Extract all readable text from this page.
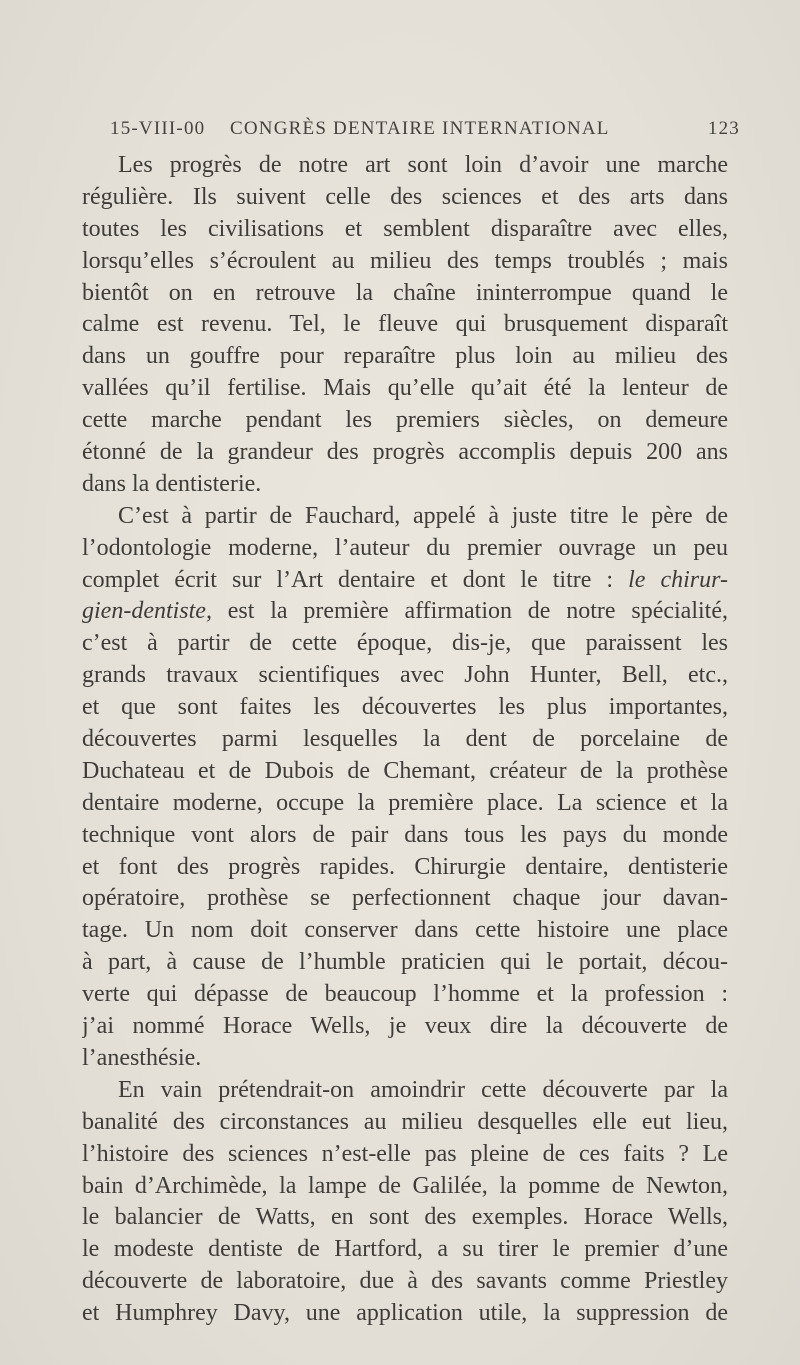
15-VIII-00 CONGRÈS DENTAIRE INTERNATIONAL	123
Les progrès de notre art sont loin d’avoir une marche
régulière. Ils suivent celle des sciences et des arts dans
toutes les civilisations et semblent disparaître avec elles,
lorsqu’elles s’écroulent au milieu des temps troublés ; mais
bientôt on en retrouve la chaîne ininterrompue quand le
calme est revenu. Tel, le fleuve qui brusquement disparaît
dans un gouffre pour reparaître plus loin au milieu des
vallées qu’il fertilise. Mais qu’elle qu’ait été la lenteur de
cette marche pendant les premiers siècles, on demeure
étonné de la grandeur des progrès accomplis depuis 200 ans
dans la dentisterie.
C’est à partir de Fauchard, appelé à juste titre le père de
l’odontologie moderne, l’auteur du premier ouvrage un peu
complet écrit sur l’Art dentaire et dont le titre : le chirur-
gien-dentiste, est la première affirmation de notre spécialité,
c’est à partir de cette époque, dis-je, que paraissent les
grands travaux scientifiques avec John Hunter, Bell, etc.,
et que sont faites les découvertes les plus importantes,
découvertes parmi lesquelles la dent de porcelaine de
Duchateau et de Dubois de Chemant, créateur de la prothèse
dentaire moderne, occupe la première place. La science et la
technique vont alors de pair dans tous les pays du monde
et font des progrès rapides. Chirurgie dentaire, dentisterie
opératoire, prothèse se perfectionnent chaque jour davan-
tage. Un nom doit conserver dans cette histoire une place
à part, à cause de l’humble praticien qui le portait, décou-
verte qui dépasse de beaucoup l’homme et la profession :
j’ai nommé Horace Wells, je veux dire la découverte de
l’anesthésie.
En vain prétendrait-on amoindrir cette découverte par la
banalité des circonstances au milieu desquelles elle eut lieu,
l’histoire des sciences n’est-elle pas pleine de ces faits ? Le
bain d’Archimède, la lampe de Galilée, la pomme de Newton,
le balancier de Watts, en sont des exemples. Horace Wells,
le modeste dentiste de Hartford, a su tirer le premier d’une
découverte de laboratoire, due à des savants comme Priestley
et Humphrey Davy, une application utile, la suppression de
